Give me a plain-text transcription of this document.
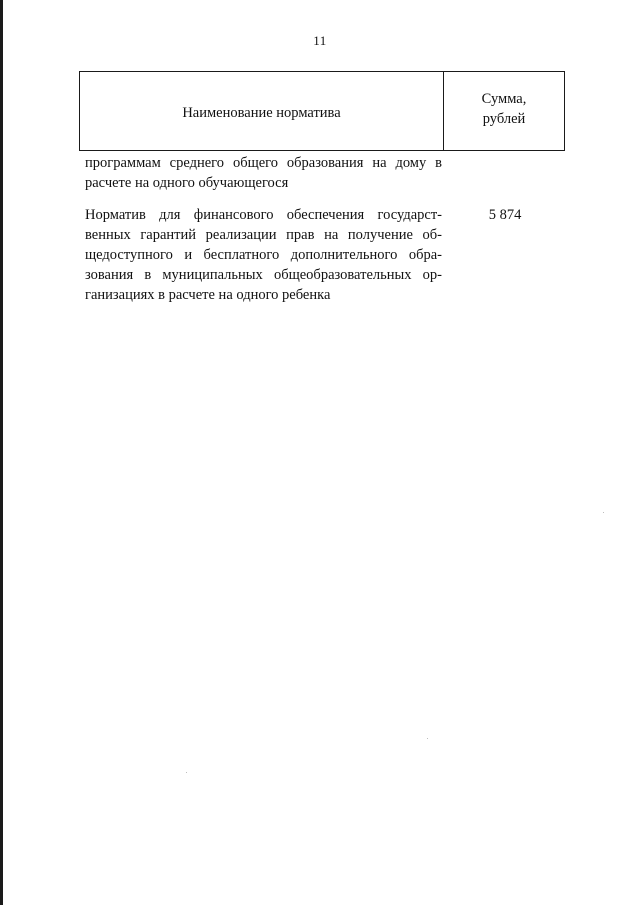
11
Наименование норматива
Сумма,
рублей
программам среднего общего образования на дому в
расчете на одного обучающегося
Норматив для финансового обеспечения государст-
венных гарантий реализации прав на получение об-
щедоступного и бесплатного дополнительного обра-
зования в муниципальных общеобразовательных ор-
ганизациях в расчете на одного ребенка
5 874
